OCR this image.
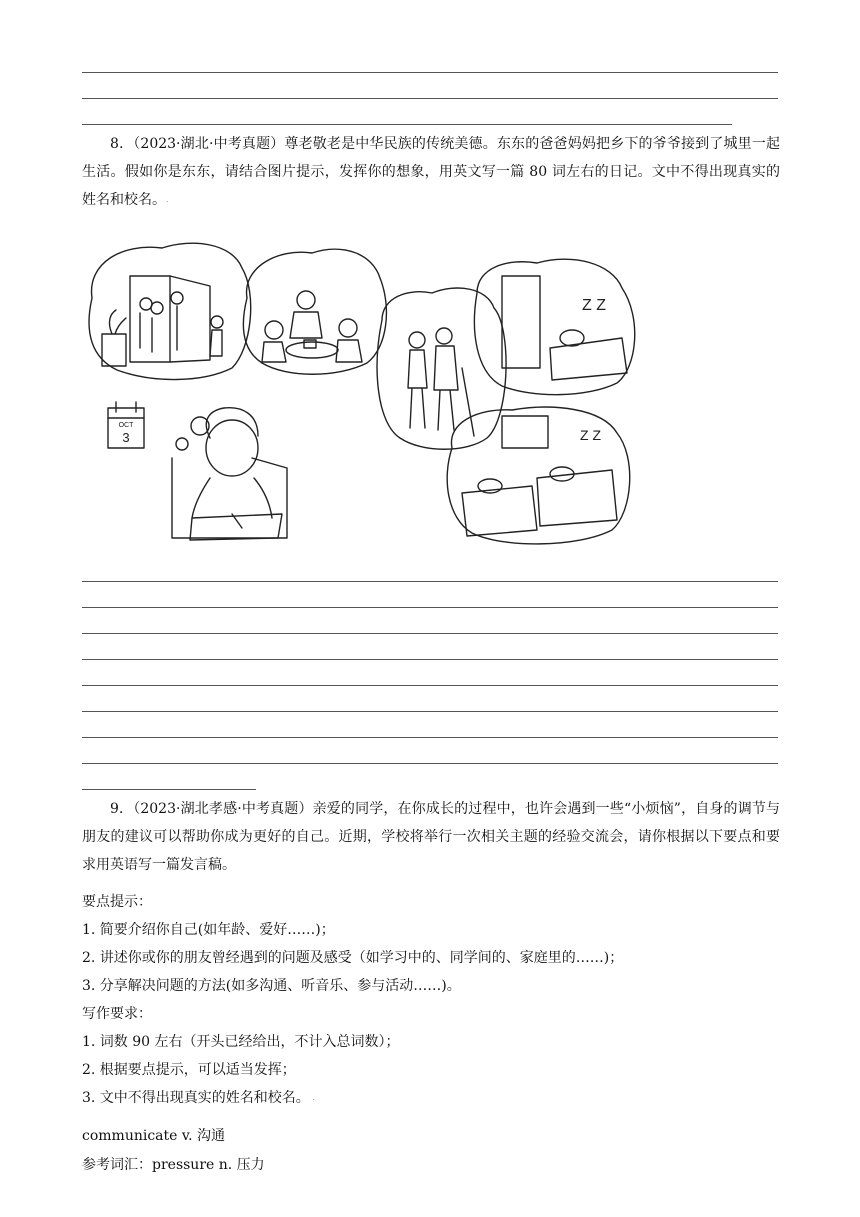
8．（2023·湖北·中考真题）尊老敬老是中华民族的传统美德。东东的爸爸妈妈把乡下的爷爷接到了城里一起生活。假如你是东东，请结合图片提示，发挥你的想象，用英文写一篇 80 词左右的日记。文中不得出现真实的姓名和校名。.

Z Z
Z Z
OCT
3

9．（2023·湖北孝感·中考真题）亲爱的同学，在你成长的过程中，也许会遇到一些“小烦恼”，自身的调节与朋友的建议可以帮助你成为更好的自己。近期，学校将举行一次相关主题的经验交流会，请你根据以下要点和要求用英语写一篇发言稿。

要点提示：

1. 简要介绍你自己(如年龄、爱好……)；

2. 讲述你或你的朋友曾经遇到的问题及感受（如学习中的、同学间的、家庭里的……)；

3. 分享解决问题的方法(如多沟通、听音乐、参与活动……)。

写作要求：

1. 词数 90 左右（开头已经给出，不计入总词数）；

2. 根据要点提示，可以适当发挥；

3. 文中不得出现真实的姓名和校名。 .

communicate v. 沟通

参考词汇：pressure n. 压力
